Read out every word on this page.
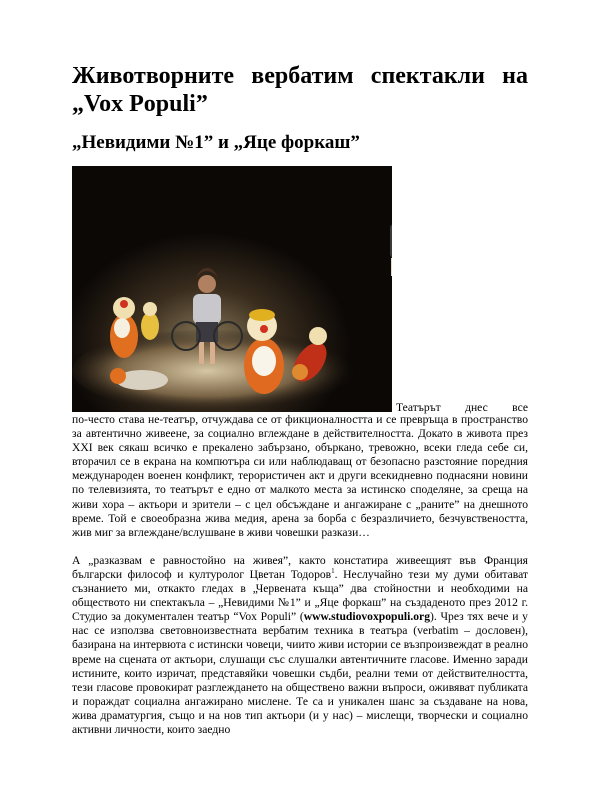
Животворните вербатим спектакли на
„Vox Populi”
„Невидими №1” и „Яце форкаш”
Театърът днес все

по-често става не-театър, отчуждава се от фикционалността и се превръща в пространство за автентично живеене, за социално вглеждане в действителността. Докато в живота през XXI век сякаш всичко е прекалено забързано, объркано, тревожно, всеки гледа себе си, вторачил се в екрана на компютъра си или наблюдаващ от безопасно разстояние поредния международен военен конфликт, терористичен акт и други всекидневно поднасяни новини по телевизията, то театърът е едно от малкото места за истинско споделяне, за среща на живи хора – актьори и зрители – с цел обсъждане и ангажиране с „раните” на днешното време. Той е своеобразна жива медия, арена за борба с безразличието, безчувствеността, жив миг за вглеждане/вслушване в живи човешки разкази…

А „разказвам е равностойно на живея”, както констатира живеещият във Франция български философ и културолог Цветан Тодоров$^1$. Неслучайно тези му думи обитават съзнанието ми, откакто гледах в „Червената къща” два стойностни и необходими на обществото ни спектакъла – „Невидими №1” и „Яце форкаш” на създаденото през 2012 г. Студио за документален театър “Vox Populi” (www.studiovoxpopuli.org). Чрез тях вече и у нас се използва световноизвестната вербатим техника в театъра (verbatim – дословен), базирана на интервюта с истински човеци, чиито живи истории се възпроизвеждат в реално време на сцената от актьори, слушащи със слушалки автентичните гласове. Именно заради истините, които изричат, представяйки човешки съдби, реални теми от действителността, тези гласове провокират разглеждането на обществено важни въпроси, оживяват публиката и пораждат социална ангажирано мислене. Те са и уникален шанс за създаване на нова, жива драматургия, също и на нов тип актьори (и у нас) – мислещи, творчески и социално активни личности, които заедно
